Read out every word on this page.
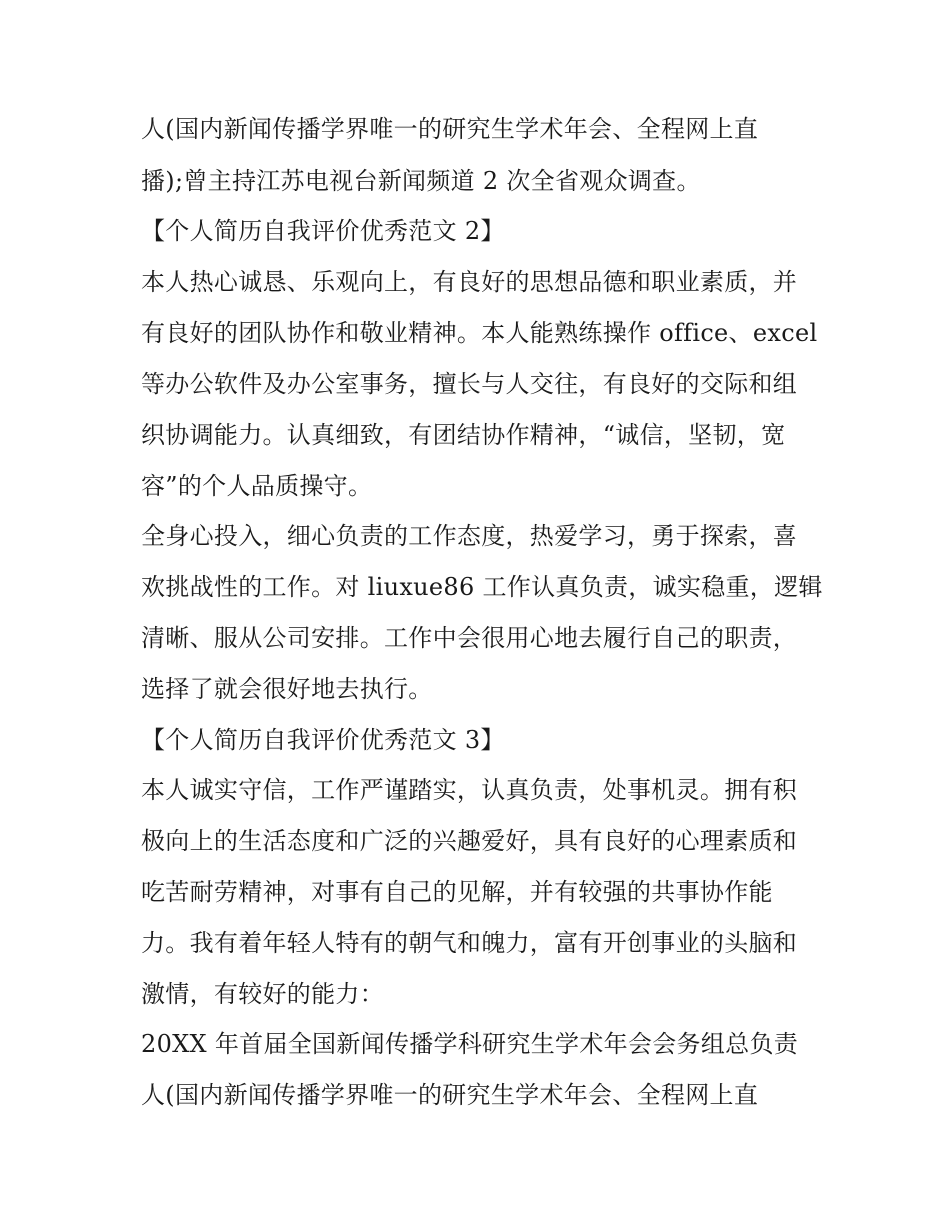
人(国内新闻传播学界唯一的研究生学术年会、全程网上直
播);曾主持江苏电视台新闻频道 2 次全省观众调查。
【个人简历自我评价优秀范文 2】
本人热心诚恳、乐观向上，有良好的思想品德和职业素质，并
有良好的团队协作和敬业精神。本人能熟练操作 office、excel
等办公软件及办公室事务，擅长与人交往，有良好的交际和组
织协调能力。认真细致，有团结协作精神，“诚信，坚韧，宽
容”的个人品质操守。
全身心投入，细心负责的工作态度，热爱学习，勇于探索，喜
欢挑战性的工作。对 liuxue86 工作认真负责，诚实稳重，逻辑
清晰、服从公司安排。工作中会很用心地去履行自己的职责，
选择了就会很好地去执行。
【个人简历自我评价优秀范文 3】
本人诚实守信，工作严谨踏实，认真负责，处事机灵。拥有积
极向上的生活态度和广泛的兴趣爱好，具有良好的心理素质和
吃苦耐劳精神，对事有自己的见解，并有较强的共事协作能
力。我有着年轻人特有的朝气和魄力，富有开创事业的头脑和
激情，有较好的能力：
20XX 年首届全国新闻传播学科研究生学术年会会务组总负责
人(国内新闻传播学界唯一的研究生学术年会、全程网上直
